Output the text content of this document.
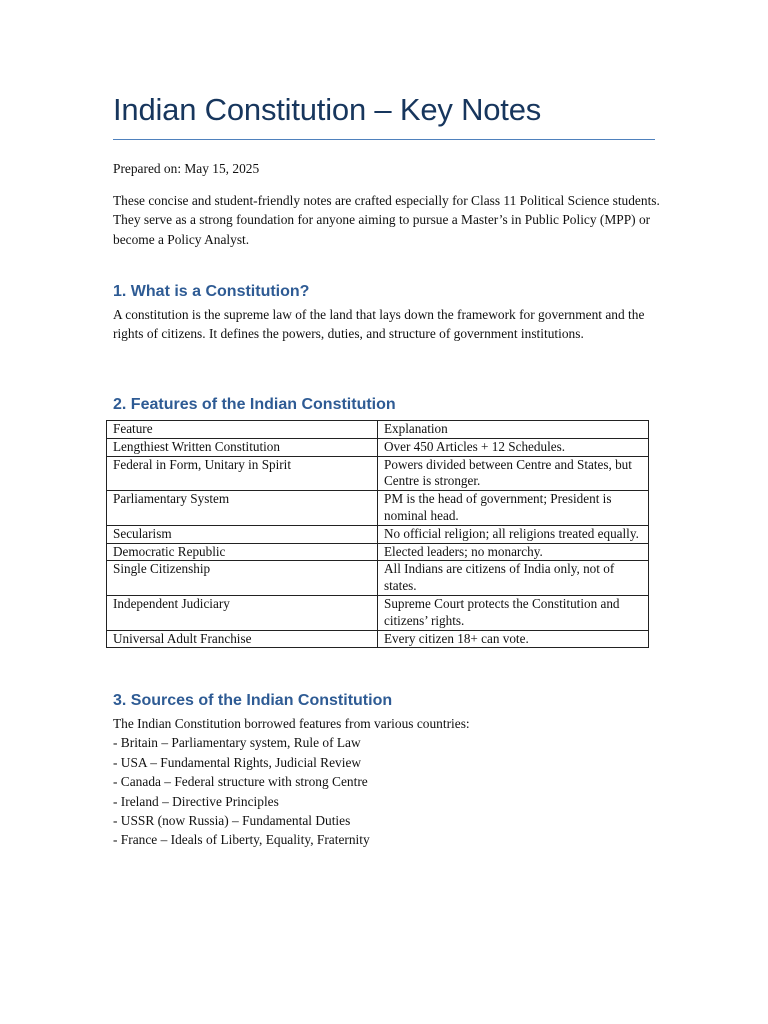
Indian Constitution – Key Notes

Prepared on: May 15, 2025

These concise and student-friendly notes are crafted especially for Class 11 Political Science students. They serve as a strong foundation for anyone aiming to pursue a Master’s in Public Policy (MPP) or become a Policy Analyst.

1. What is a Constitution?

A constitution is the supreme law of the land that lays down the framework for government and the rights of citizens. It defines the powers, duties, and structure of government institutions.

2. Features of the Indian Constitution
Feature	Explanation
Lengthiest Written Constitution	Over 450 Articles + 12 Schedules.
Federal in Form, Unitary in Spirit	Powers divided between Centre and States, but Centre is stronger.
Parliamentary System	PM is the head of government; President is nominal head.
Secularism	No official religion; all religions treated equally.
Democratic Republic	Elected leaders; no monarchy.
Single Citizenship	All Indians are citizens of India only, not of states.
Independent Judiciary	Supreme Court protects the Constitution and citizens’ rights.
Universal Adult Franchise	Every citizen 18+ can vote.
3. Sources of the Indian Constitution
The Indian Constitution borrowed features from various countries:
- Britain – Parliamentary system, Rule of Law
- USA – Fundamental Rights, Judicial Review
- Canada – Federal structure with strong Centre
- Ireland – Directive Principles
- USSR (now Russia) – Fundamental Duties
- France – Ideals of Liberty, Equality, Fraternity
